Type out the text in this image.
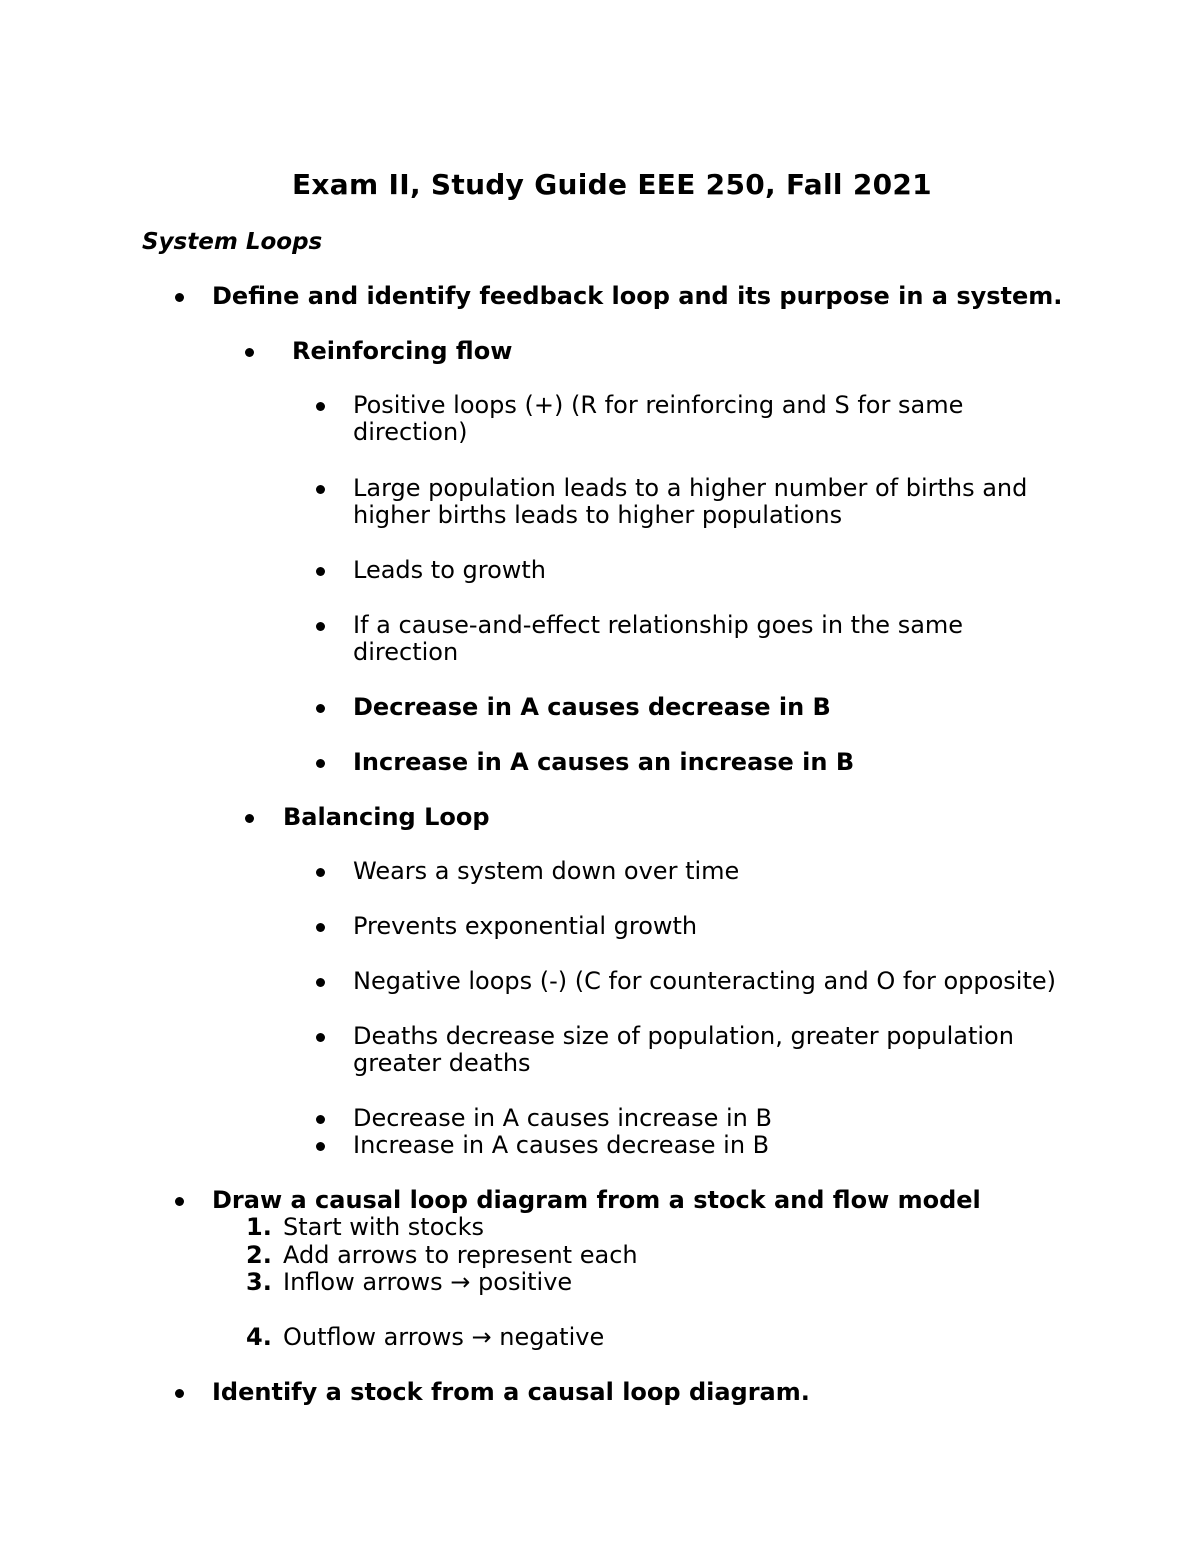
Exam II, Study Guide EEE 250, Fall 2021
System Loops
Define and identify feedback loop and its purpose in a system.
Reinforcing flow
Positive loops (+) (R for reinforcing and S for same
direction)
Large population leads to a higher number of births and
higher births leads to higher populations
Leads to growth
If a cause-and-effect relationship goes in the same
direction
Decrease in A causes decrease in B
Increase in A causes an increase in B
Balancing Loop
Wears a system down over time
Prevents exponential growth
Negative loops (-) (C for counteracting and O for opposite)
Deaths decrease size of population, greater population
greater deaths
Decrease in A causes increase in B
Increase in A causes decrease in B
Draw a causal loop diagram from a stock and flow model
1. Start with stocks
2. Add arrows to represent each
3. Inflow arrows → positive
4. Outflow arrows → negative
Identify a stock from a causal loop diagram.
